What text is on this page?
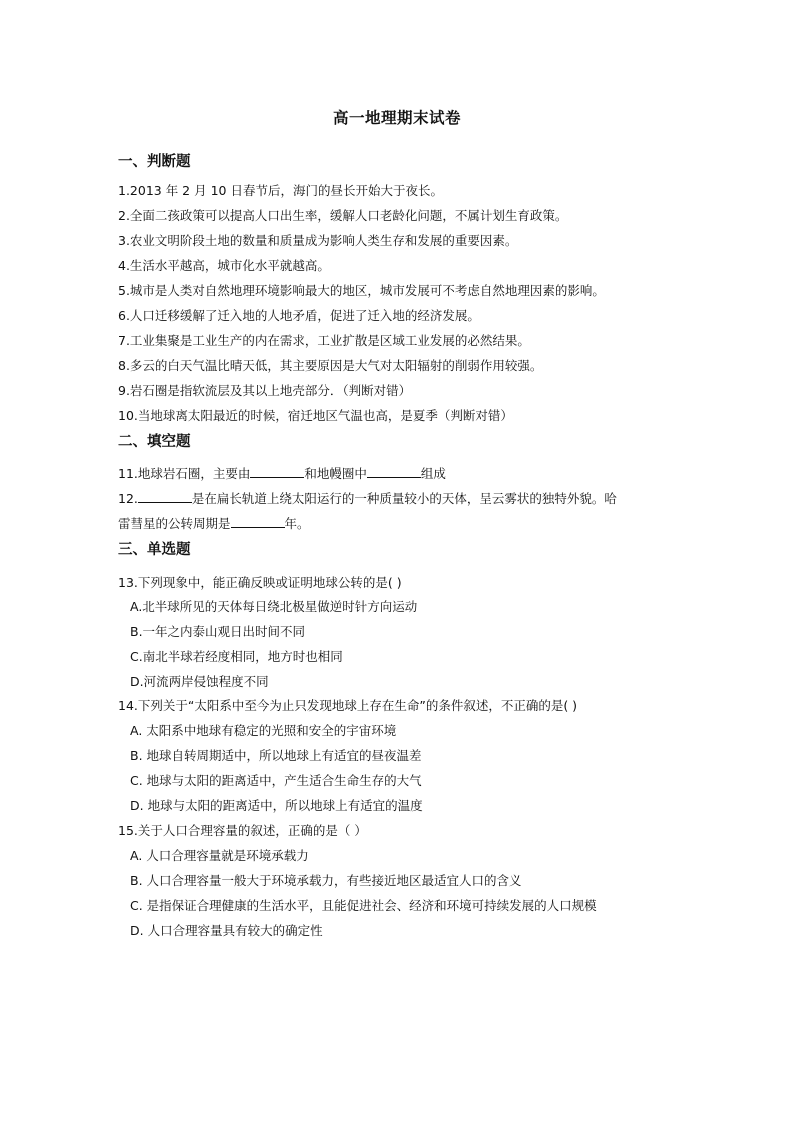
高一地理期末试卷
一、判断题
1.2013 年 2 月 10 日春节后，海门的昼长开始大于夜长。
2.全面二孩政策可以提高人口出生率，缓解人口老龄化问题，不属计划生育政策。
3.农业文明阶段土地的数量和质量成为影响人类生存和发展的重要因素。
4.生活水平越高，城市化水平就越高。
5.城市是人类对自然地理环境影响最大的地区，城市发展可不考虑自然地理因素的影响。
6.人口迁移缓解了迁入地的人地矛盾，促进了迁入地的经济发展。
7.工业集聚是工业生产的内在需求，工业扩散是区域工业发展的必然结果。
8.多云的白天气温比晴天低，其主要原因是大气对太阳辐射的削弱作用较强。
9.岩石圈是指软流层及其以上地壳部分．（判断对错）
10.当地球离太阳最近的时候，宿迁地区气温也高，是夏季（判断对错）
二、填空题
11.地球岩石圈，主要由	和地幔圈中	组成
12.	是在扁长轨道上绕太阳运行的一种质量较小的天体，呈云雾状的独特外貌。哈
雷彗星的公转周期是	年。
三、单选题
13.下列现象中，能正确反映或证明地球公转的是( )
A.北半球所见的天体每日绕北极星做逆时针方向运动
B.一年之内泰山观日出时间不同
C.南北半球若经度相同，地方时也相同
D.河流两岸侵蚀程度不同
14.下列关于“太阳系中至今为止只发现地球上存在生命”的条件叙述，不正确的是( )
A. 太阳系中地球有稳定的光照和安全的宇宙环境
B. 地球自转周期适中，所以地球上有适宜的昼夜温差
C. 地球与太阳的距离适中，产生适合生命生存的大气
D. 地球与太阳的距离适中，所以地球上有适宜的温度
15.关于人口合理容量的叙述，正确的是（ ）
A. 人口合理容量就是环境承载力
B. 人口合理容量一般大于环境承载力，有些接近地区最适宜人口的含义
C. 是指保证合理健康的生活水平，且能促进社会、经济和环境可持续发展的人口规模
D. 人口合理容量具有较大的确定性
